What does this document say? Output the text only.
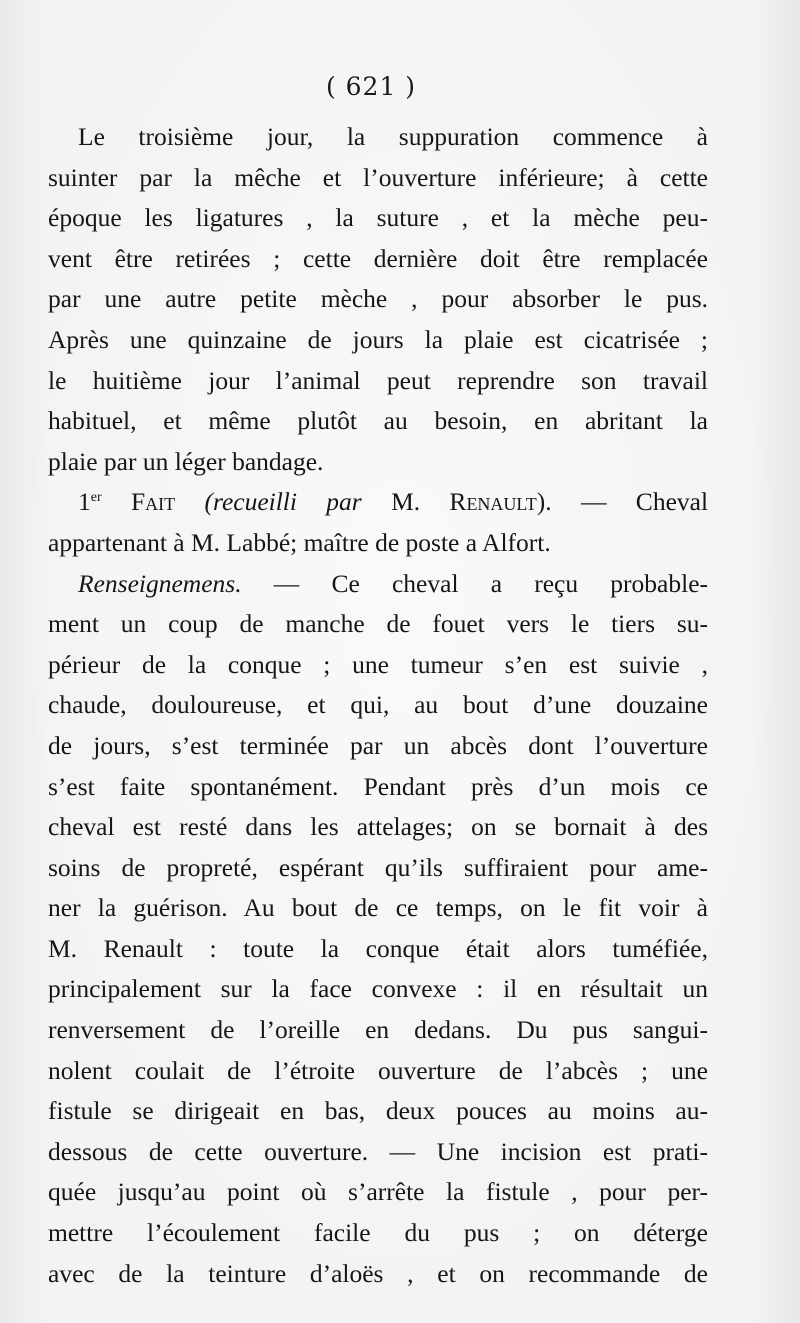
( 621 )
Le troisième jour, la suppuration commence à
suinter par la mêche et l’ouverture inférieure; à cette
époque les ligatures , la suture , et la mèche peu-
vent être retirées ; cette dernière doit être remplacée
par une autre petite mèche , pour absorber le pus.
Après une quinzaine de jours la plaie est cicatrisée ;
le huitième jour l’animal peut reprendre son travail
habituel, et même plutôt au besoin, en abritant la
plaie par un léger bandage.
1er Fait (recueilli par M. Renault). — Cheval
appartenant à M. Labbé; maître de poste a Alfort.
Renseignemens. — Ce cheval a reçu probable-
ment un coup de manche de fouet vers le tiers su-
périeur de la conque ; une tumeur s’en est suivie ,
chaude, douloureuse, et qui, au bout d’une douzaine
de jours, s’est terminée par un abcès dont l’ouverture
s’est faite spontanément. Pendant près d’un mois ce
cheval est resté dans les attelages; on se bornait à des
soins de propreté, espérant qu’ils suffiraient pour ame-
ner la guérison. Au bout de ce temps, on le fit voir à
M. Renault : toute la conque était alors tuméfiée,
principalement sur la face convexe : il en résultait un
renversement de l’oreille en dedans. Du pus sangui-
nolent coulait de l’étroite ouverture de l’abcès ; une
fistule se dirigeait en bas, deux pouces au moins au-
dessous de cette ouverture. — Une incision est prati-
quée jusqu’au point où s’arrête la fistule , pour per-
mettre l’écoulement facile du pus ; on déterge
avec de la teinture d’aloës , et on recommande de
